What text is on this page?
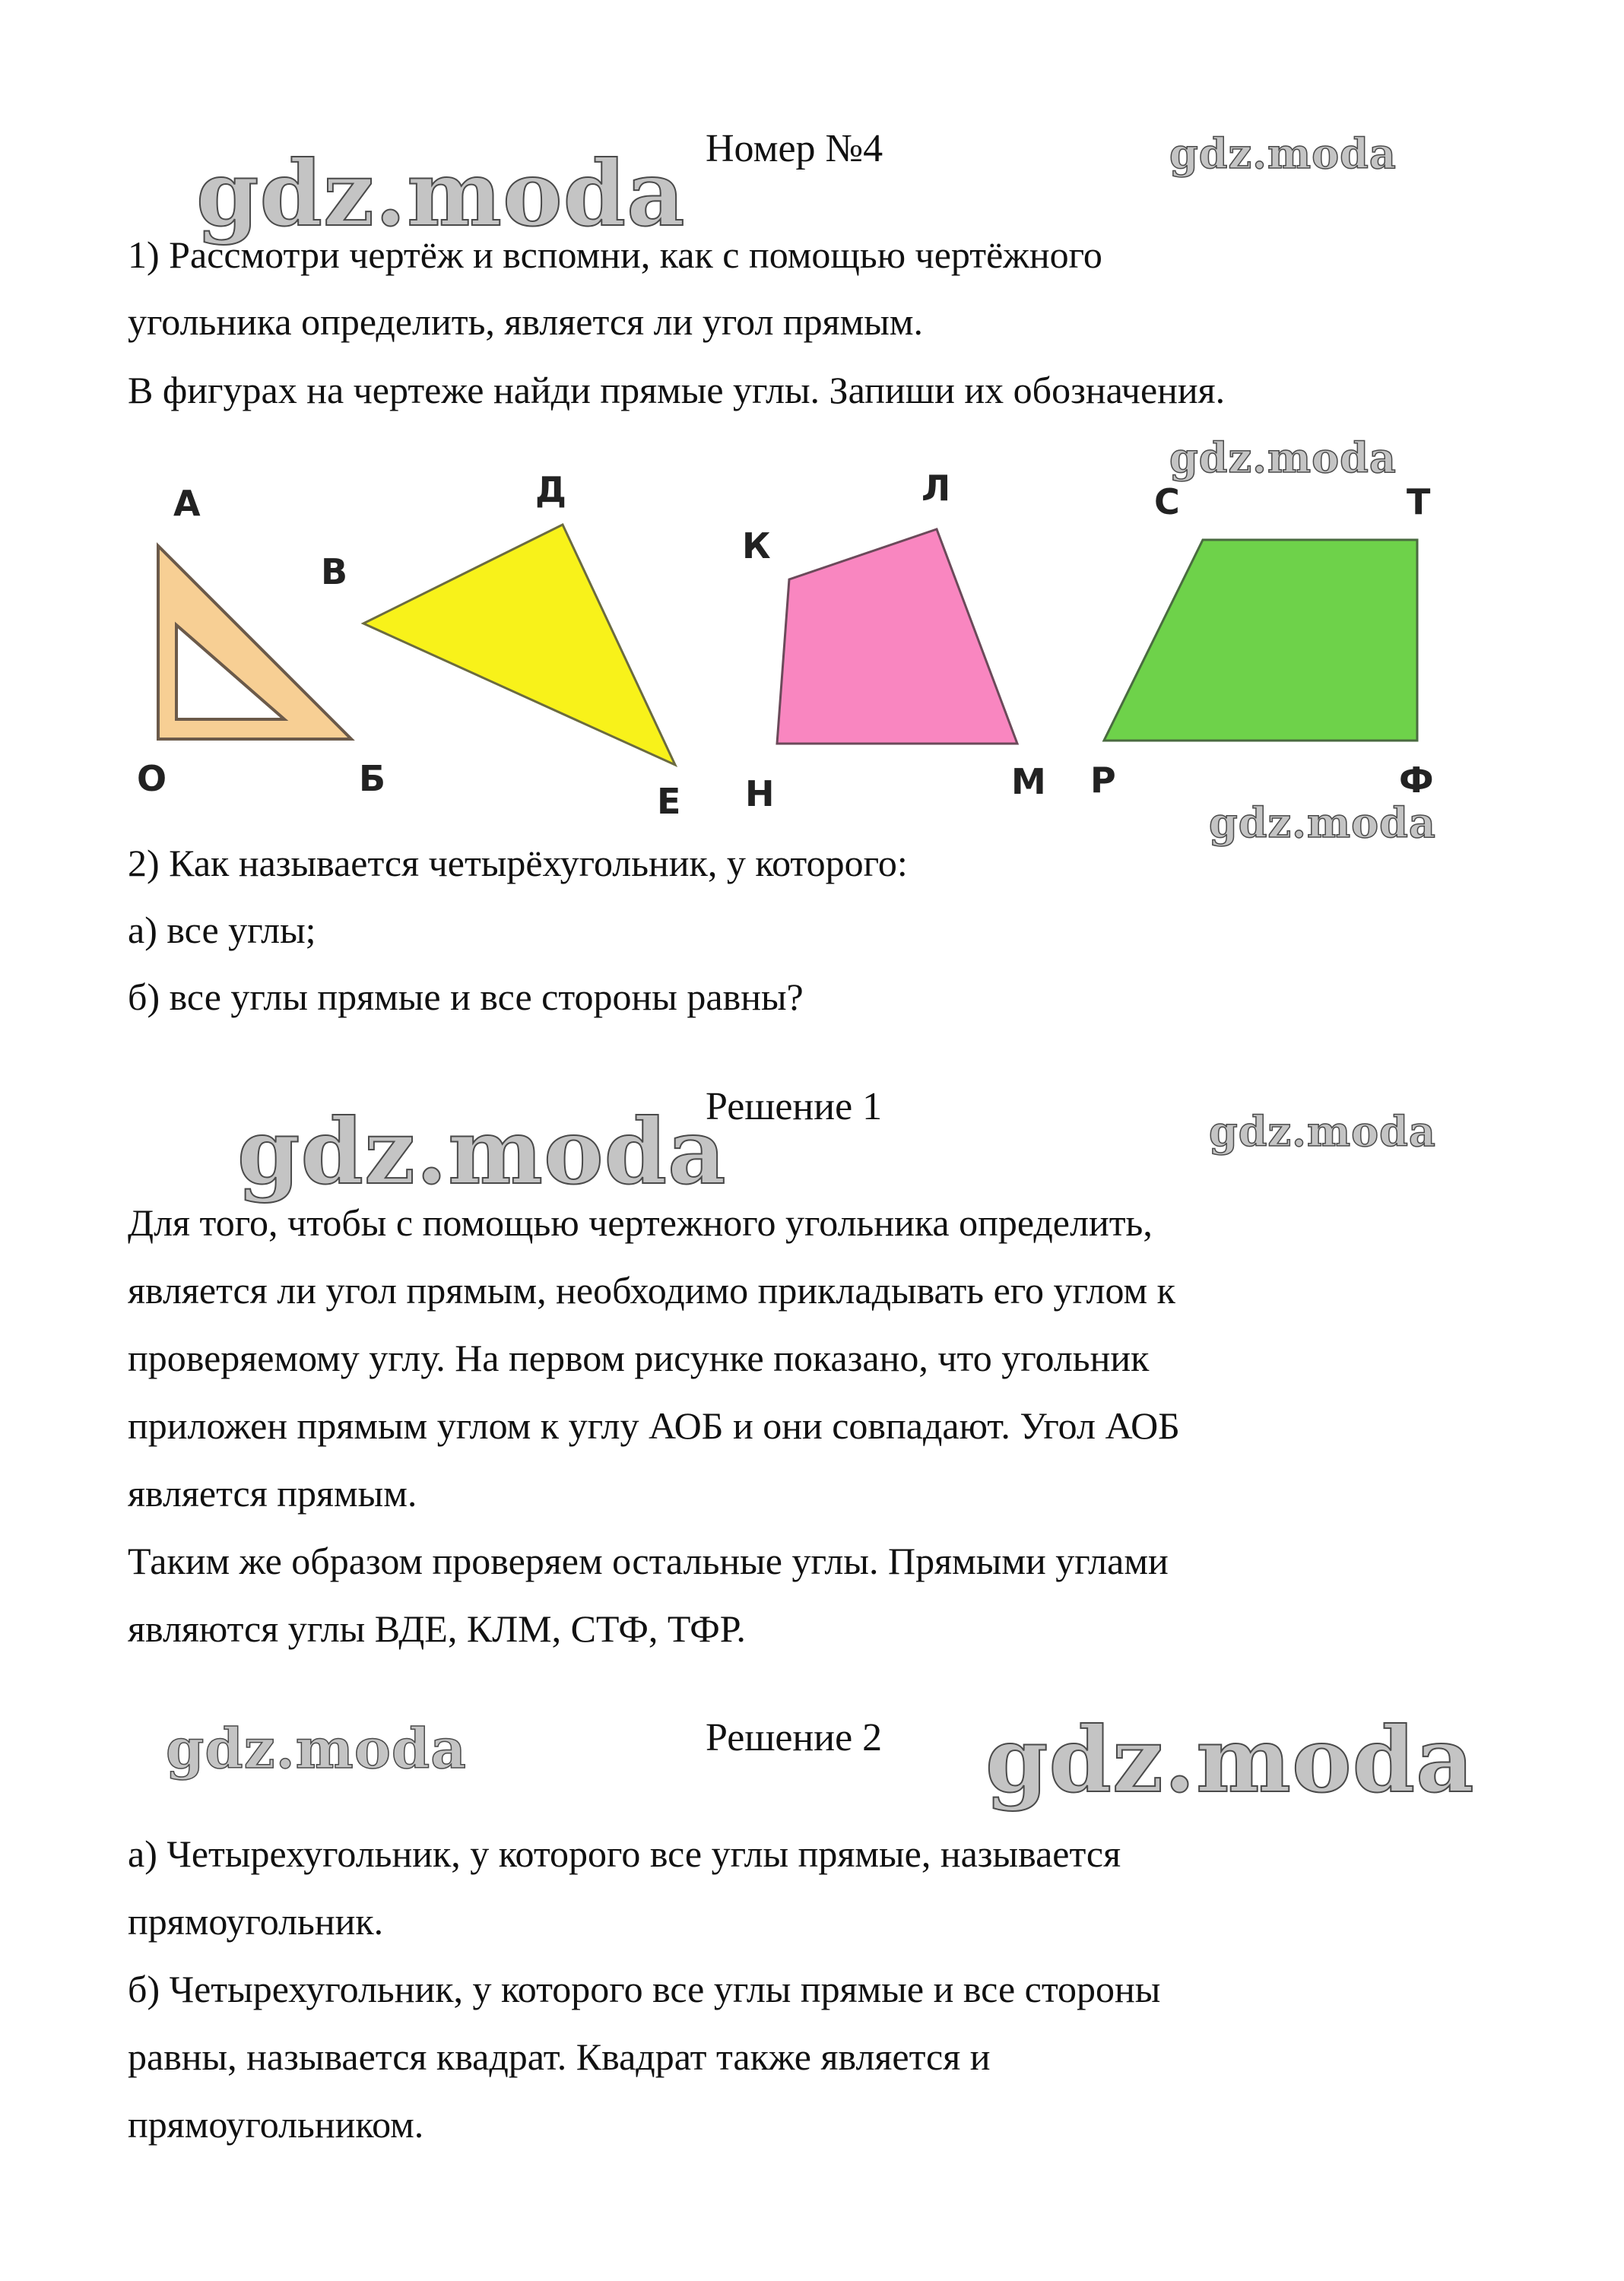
Номер №4
gdz.moda	gdz.moda
gdz.moda
gdz.moda
gdz.moda	gdz.moda
gdz.moda	gdz.moda
1) Рассмотри чертёж и вспомни, как с помощью чертёжного
угольника определить, является ли угол прямым.
В фигурах на чертеже найди прямые углы. Запиши их обозначения.
А
О	Б
В
Д
Е
К
Л
М
Н
С	Т
Р	Ф
2) Как называется четырёхугольник, у которого:
а) все углы;
б) все углы прямые и все стороны равны?
Решение 1
Для того, чтобы с помощью чертежного угольника определить,
является ли угол прямым, необходимо прикладывать его углом к
проверяемому углу. На первом рисунке показано, что угольник
приложен прямым углом к углу АОБ и они совпадают. Угол АОБ
является прямым.
Таким же образом проверяем остальные углы. Прямыми углами
являются углы ВДЕ, КЛМ, СТФ, ТФР.
Решение 2
а) Четырехугольник, у которого все углы прямые, называется
прямоугольник.
б) Четырехугольник, у которого все углы прямые и все стороны
равны, называется квадрат. Квадрат также является и
прямоугольником.
